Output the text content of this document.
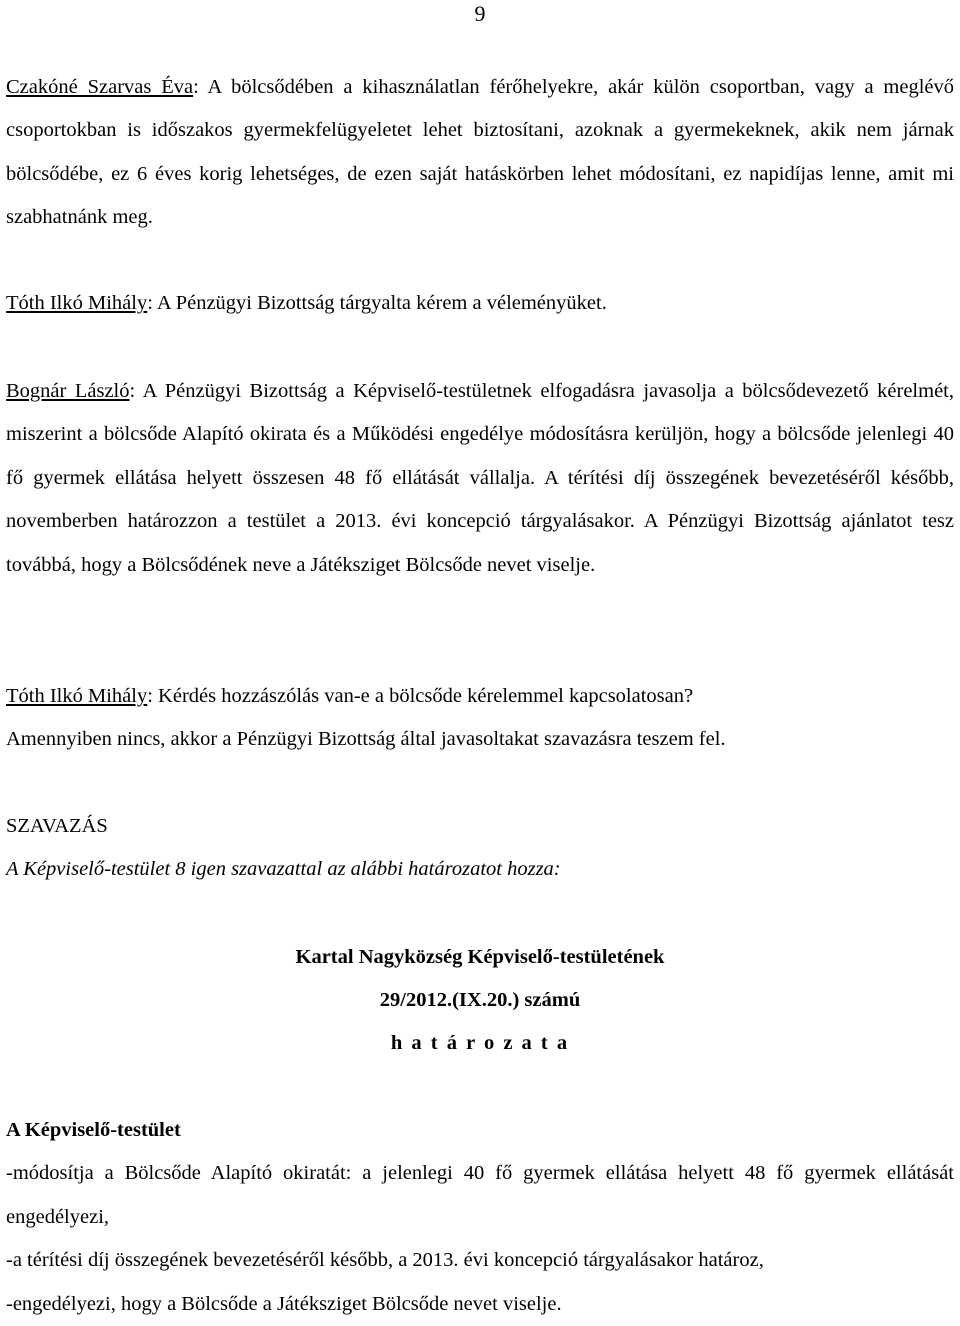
9
Czakóné Szarvas Éva: A bölcsődében a kihasználatlan férőhelyekre, akár külön csoportban, vagy a meglévő csoportokban is időszakos gyermekfelügyeletet lehet biztosítani, azoknak a gyermekeknek, akik nem járnak bölcsődébe, ez 6 éves korig lehetséges, de ezen saját hatáskörben lehet módosítani, ez napidíjas lenne, amit mi szabhatnánk meg.
Tóth Ilkó Mihály: A Pénzügyi Bizottság tárgyalta kérem a véleményüket.
Bognár László: A Pénzügyi Bizottság a Képviselő-testületnek elfogadásra javasolja a bölcsődevezető kérelmét, miszerint a bölcsőde Alapító okirata és a Működési engedélye módosításra kerüljön, hogy a bölcsőde jelenlegi 40 fő gyermek ellátása helyett összesen 48 fő ellátását vállalja. A térítési díj összegének bevezetéséről később, novemberben határozzon a testület a 2013. évi koncepció tárgyalásakor. A Pénzügyi Bizottság ajánlatot tesz továbbá, hogy a Bölcsődének neve a Játéksziget Bölcsőde nevet viselje.
Tóth Ilkó Mihály: Kérdés hozzászólás van-e a bölcsőde kérelemmel kapcsolatosan?
Amennyiben nincs, akkor a Pénzügyi Bizottság által javasoltakat szavazásra teszem fel.
SZAVAZÁS
A Képviselő-testület 8 igen szavazattal az alábbi határozatot hozza:
Kartal Nagyközség Képviselő-testületének
29/2012.(IX.20.) számú
h a t á r o z a t a
A Képviselő-testület
-módosítja a Bölcsőde Alapító okiratát: a jelenlegi 40 fő gyermek ellátása helyett 48 fő gyermek ellátását engedélyezi,
-a térítési díj összegének bevezetéséről később, a 2013. évi koncepció tárgyalásakor határoz,
-engedélyezi, hogy a Bölcsőde a Játéksziget Bölcsőde nevet viselje.
